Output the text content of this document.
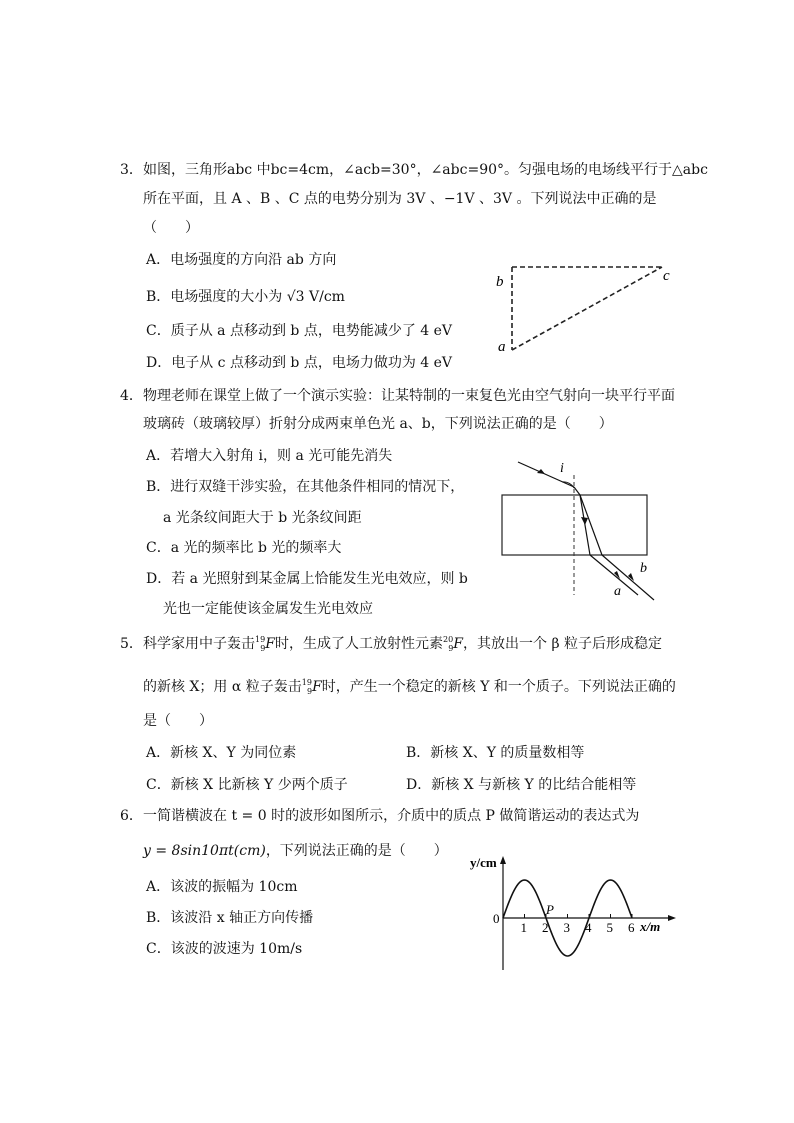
3． 如图，三角形abc 中bc=4cm，∠acb=30°，∠abc=90°。匀强电场的电场线平行于△abc
所在平面，且 A 、B 、C 点的电势分别为 3V 、−1V 、3V 。下列说法中正确的是
（　　）
A．电场强度的方向沿 ab 方向
B．电场强度的大小为 √3 V/cm
C．质子从 a 点移动到 b 点，电势能减少了 4 eV
D．电子从 c 点移动到 b 点，电场力做功为 4 eV
b	c
a
4． 物理老师在课堂上做了一个演示实验：让某特制的一束复色光由空气射向一块平行平面
玻璃砖（玻璃较厚）折射分成两束单色光 a、b，下列说法正确的是（　　）
A．若增大入射角 i，则 a 光可能先消失
B．进行双缝干涉实验，在其他条件相同的情况下，
a 光条纹间距大于 b 光条纹间距
C．a 光的频率比 b 光的频率大
D．若 a 光照射到某金属上恰能发生光电效应，则 b
光也一定能使该金属发生光电效应
i
a
b
5． 科学家用中子轰击$^{19}_9$F时，生成了人工放射性元素$^{20}_9$F，其放出一个 β 粒子后形成稳定
的新核 X；用 α 粒子轰击$^{19}_9$F时，产生一个稳定的新核 Y 和一个质子。下列说法正确的
是（　　）
A．新核 X、Y 为同位素	B．新核 X、Y 的质量数相等
C．新核 X 比新核 Y 少两个质子	D．新核 X 与新核 Y 的比结合能相等
6． 一简谐横波在 t = 0 时的波形如图所示，介质中的质点 P 做简谐运动的表达式为
y = 8sin10πt(cm)，下列说法正确的是（　　）
A．该波的振幅为 10cm
B．该波沿 x 轴正方向传播
C．该波的波速为 10m/s
y/cm
x/m
0
1 2 3 4 5 6
P
